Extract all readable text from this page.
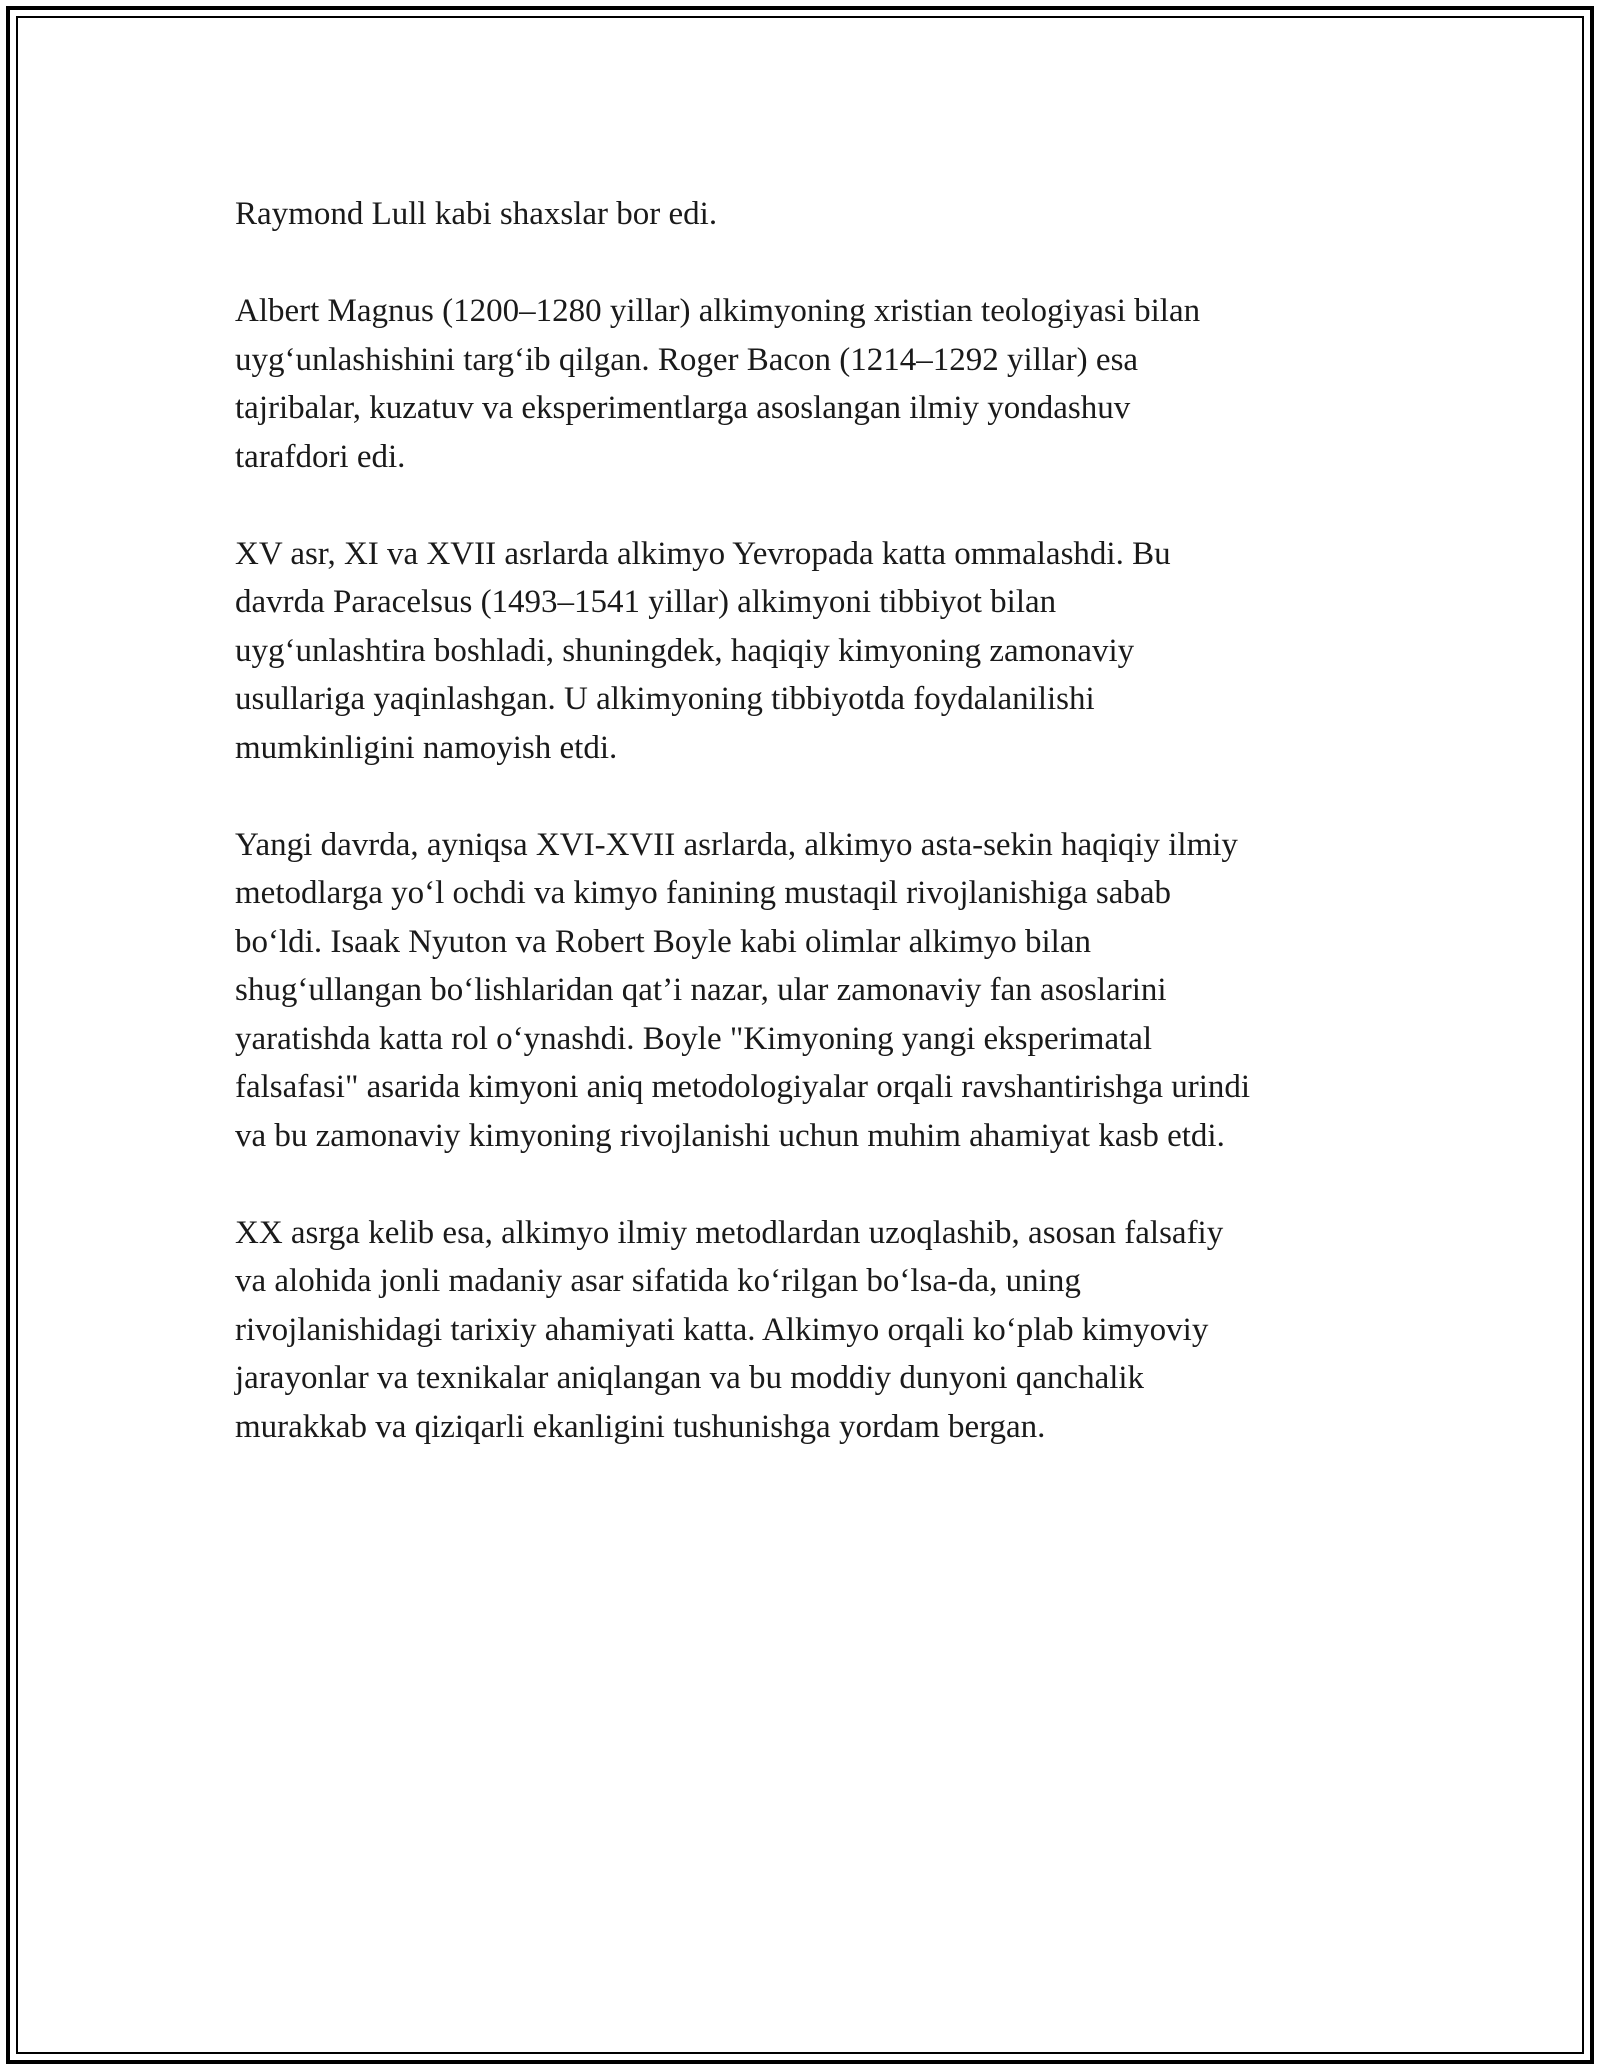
Raymond Lull kabi shaxslar bor edi.

Albert Magnus (1200–1280 yillar) alkimyoning xristian teologiyasi bilan
uyg‘unlashishini targ‘ib qilgan. Roger Bacon (1214–1292 yillar) esa
tajribalar, kuzatuv va eksperimentlarga asoslangan ilmiy yondashuv
tarafdori edi.

XV asr, XI va XVII asrlarda alkimyo Yevropada katta ommalashdi. Bu
davrda Paracelsus (1493–1541 yillar) alkimyoni tibbiyot bilan
uyg‘unlashtira boshladi, shuningdek, haqiqiy kimyoning zamonaviy
usullariga yaqinlashgan. U alkimyoning tibbiyotda foydalanilishi
mumkinligini namoyish etdi.

Yangi davrda, ayniqsa XVI-XVII asrlarda, alkimyo asta-sekin haqiqiy ilmiy
metodlarga yo‘l ochdi va kimyo fanining mustaqil rivojlanishiga sabab
bo‘ldi. Isaak Nyuton va Robert Boyle kabi olimlar alkimyo bilan
shug‘ullangan bo‘lishlaridan qat’i nazar, ular zamonaviy fan asoslarini
yaratishda katta rol o‘ynashdi. Boyle "Kimyoning yangi eksperimatal
falsafasi" asarida kimyoni aniq metodologiyalar orqali ravshantirishga urindi
va bu zamonaviy kimyoning rivojlanishi uchun muhim ahamiyat kasb etdi.

XX asrga kelib esa, alkimyo ilmiy metodlardan uzoqlashib, asosan falsafiy
va alohida jonli madaniy asar sifatida ko‘rilgan bo‘lsa-da, uning
rivojlanishidagi tarixiy ahamiyati katta. Alkimyo orqali ko‘plab kimyoviy
jarayonlar va texnikalar aniqlangan va bu moddiy dunyoni qanchalik
murakkab va qiziqarli ekanligini tushunishga yordam bergan.
